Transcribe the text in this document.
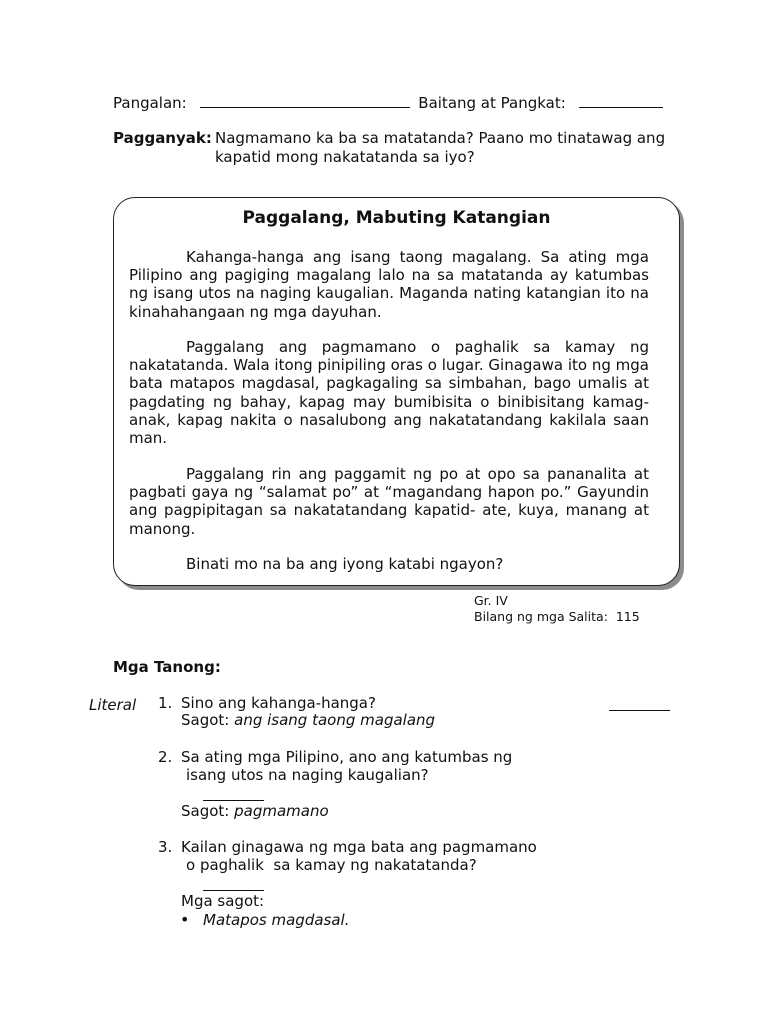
Pangalan:	Baitang at Pangkat:
Pagganyak: Nagmamano ka ba sa matatanda? Paano mo tinatawag ang
kapatid mong nakatatanda sa iyo?
Paggalang, Mabuting Katangian
Kahanga-hanga ang isang taong magalang. Sa ating mga Pilipino ang pagiging magalang lalo na sa matatanda ay katumbas ng isang utos na naging kaugalian. Maganda nating katangian ito na kinahahangaan ng mga dayuhan.
Paggalang ang pagmamano o paghalik sa kamay ng nakatatanda. Wala itong pinipiling oras o lugar. Ginagawa ito ng mga bata matapos magdasal, pagkagaling sa simbahan, bago umalis at pagdating ng bahay, kapag may bumibisita o binibisitang kamag-anak, kapag nakita o nasalubong ang nakatatandang kakilala saan man.
Paggalang rin ang paggamit ng po at opo sa pananalita at pagbati gaya ng “salamat po” at “magandang hapon po.” Gayundin ang pagpipitagan sa nakatatandang kapatid- ate, kuya, manang at manong.
Binati mo na ba ang iyong katabi ngayon?
Gr. IV
Bilang ng mga Salita:  115
Mga Tanong:
Literal 1. Sino ang kahanga-hanga?
Sagot: ang isang taong magalang
2. Sa ating mga Pilipino, ano ang katumbas ng
isang utos na naging kaugalian?
Sagot: pagmamano
3. Kailan ginagawa ng mga bata ang pagmamano
o paghalik  sa kamay ng nakatatanda?
Mga sagot:
• Matapos magdasal.
